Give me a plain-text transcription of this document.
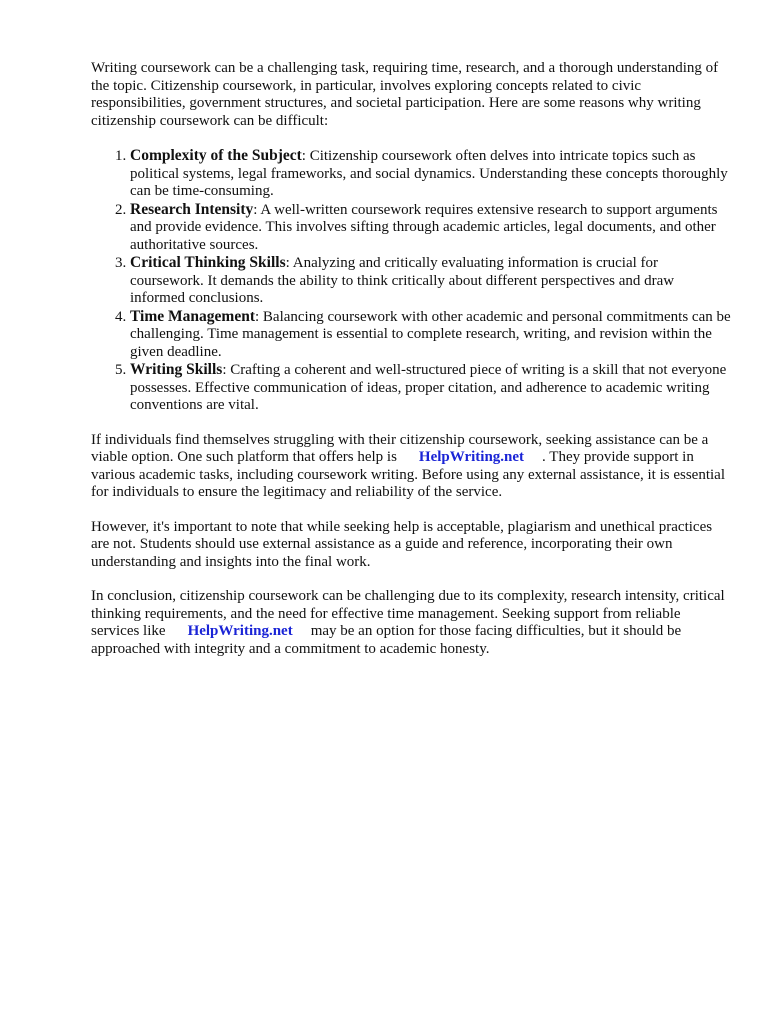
Writing coursework can be a challenging task, requiring time, research, and a thorough understanding of the topic. Citizenship coursework, in particular, involves exploring concepts related to civic responsibilities, government structures, and societal participation. Here are some reasons why writing citizenship coursework can be difficult:

1. Complexity of the Subject: Citizenship coursework often delves into intricate topics such as political systems, legal frameworks, and social dynamics. Understanding these concepts thoroughly can be time-consuming.
2. Research Intensity: A well-written coursework requires extensive research to support arguments and provide evidence. This involves sifting through academic articles, legal documents, and other authoritative sources.
3. Critical Thinking Skills: Analyzing and critically evaluating information is crucial for coursework. It demands the ability to think critically about different perspectives and draw informed conclusions.
4. Time Management: Balancing coursework with other academic and personal commitments can be challenging. Time management is essential to complete research, writing, and revision within the given deadline.
5. Writing Skills: Crafting a coherent and well-structured piece of writing is a skill that not everyone possesses. Effective communication of ideas, proper citation, and adherence to academic writing conventions are vital.

If individuals find themselves struggling with their citizenship coursework, seeking assistance can be a viable option. One such platform that offers help is HelpWriting.net . They provide support in various academic tasks, including coursework writing. Before using any external assistance, it is essential for individuals to ensure the legitimacy and reliability of the service.

However, it's important to note that while seeking help is acceptable, plagiarism and unethical practices are not. Students should use external assistance as a guide and reference, incorporating their own understanding and insights into the final work.

In conclusion, citizenship coursework can be challenging due to its complexity, research intensity, critical thinking requirements, and the need for effective time management. Seeking support from reliable services like HelpWriting.net may be an option for those facing difficulties, but it should be approached with integrity and a commitment to academic honesty.
